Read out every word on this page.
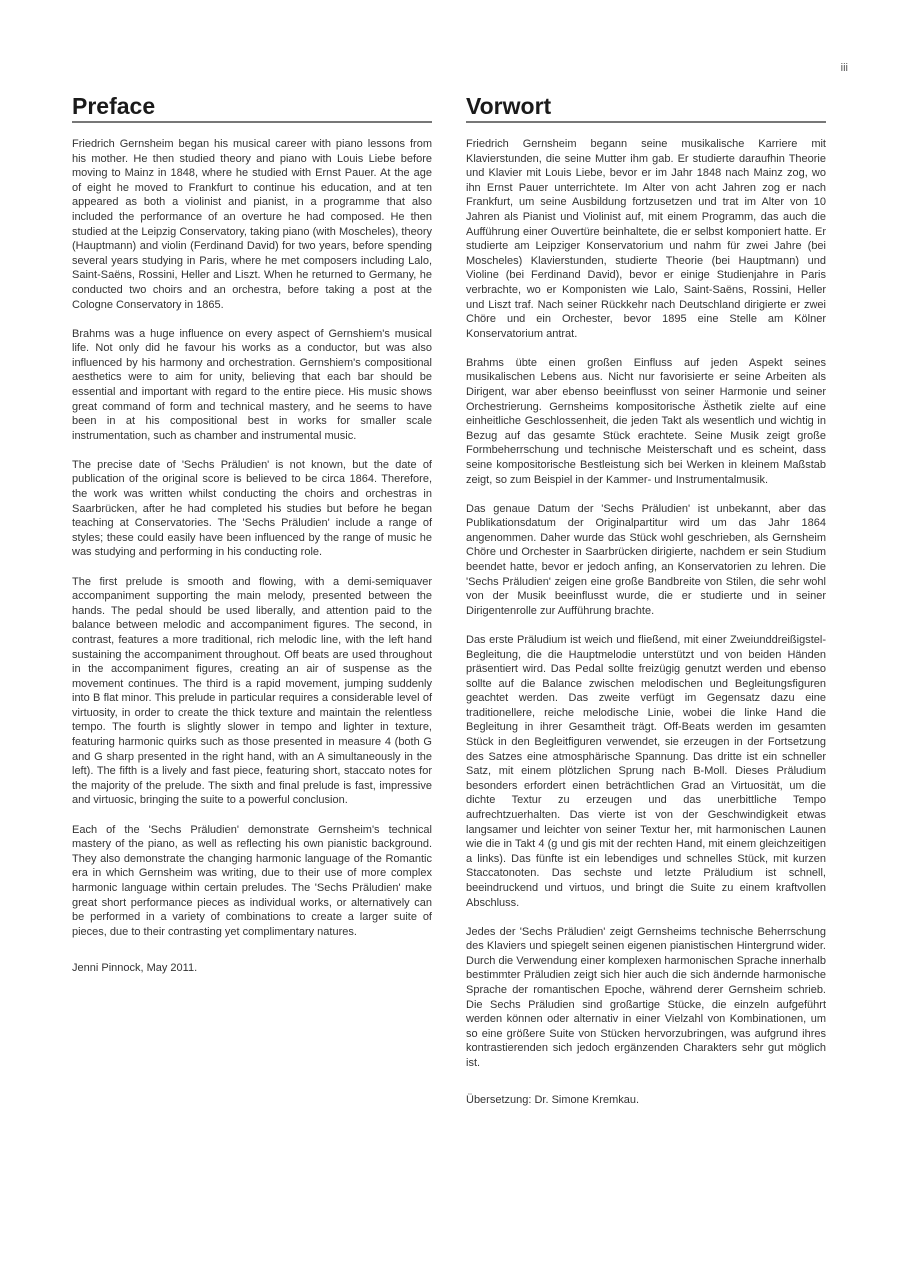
iii
Preface

Friedrich Gernsheim began his musical career with piano lessons from his mother. He then studied theory and piano with Louis Liebe before moving to Mainz in 1848, where he studied with Ernst Pauer. At the age of eight he moved to Frankfurt to continue his education, and at ten appeared as both a violinist and pianist, in a programme that also included the performance of an overture he had composed. He then studied at the Leipzig Conservatory, taking piano (with Moscheles), theory (Hauptmann) and violin (Ferdinand David) for two years, before spending several years studying in Paris, where he met composers including Lalo, Saint-Saëns, Rossini, Heller and Liszt. When he returned to Germany, he conducted two choirs and an orchestra, before taking a post at the Cologne Conservatory in 1865.

Brahms was a huge influence on every aspect of Gernshiem's musical life. Not only did he favour his works as a conductor, but was also influenced by his harmony and orchestration. Gernshiem's compositional aesthetics were to aim for unity, believing that each bar should be essential and important with regard to the entire piece. His music shows great command of form and technical mastery, and he seems to have been in at his compositional best in works for smaller scale instrumentation, such as chamber and instrumental music.

The precise date of 'Sechs Präludien' is not known, but the date of publication of the original score is believed to be circa 1864. Therefore, the work was written whilst conducting the choirs and orchestras in Saarbrücken, after he had completed his studies but before he began teaching at Conservatories. The 'Sechs Präludien' include a range of styles; these could easily have been influenced by the range of music he was studying and performing in his conducting role.

The first prelude is smooth and flowing, with a demi-semiquaver accompaniment supporting the main melody, presented between the hands. The pedal should be used liberally, and attention paid to the balance between melodic and accompaniment figures. The second, in contrast, features a more traditional, rich melodic line, with the left hand sustaining the accompaniment throughout. Off beats are used throughout in the accompaniment figures, creating an air of suspense as the movement continues. The third is a rapid movement, jumping suddenly into B flat minor. This prelude in particular requires a considerable level of virtuosity, in order to create the thick texture and maintain the relentless tempo. The fourth is slightly slower in tempo and lighter in texture, featuring harmonic quirks such as those presented in measure 4 (both G and G sharp presented in the right hand, with an A simultaneously in the left). The fifth is a lively and fast piece, featuring short, staccato notes for the majority of the prelude. The sixth and final prelude is fast, impressive and virtuosic, bringing the suite to a powerful conclusion.

Each of the 'Sechs Präludien' demonstrate Gernsheim's technical mastery of the piano, as well as reflecting his own pianistic background. They also demonstrate the changing harmonic language of the Romantic era in which Gernsheim was writing, due to their use of more complex harmonic language within certain preludes. The 'Sechs Präludien' make great short performance pieces as individual works, or alternatively can be performed in a variety of combinations to create a larger suite of pieces, due to their contrasting yet complimentary natures.

Jenni Pinnock, May 2011.

Vorwort

Friedrich Gernsheim begann seine musikalische Karriere mit Klavierstunden, die seine Mutter ihm gab. Er studierte daraufhin Theorie und Klavier mit Louis Liebe, bevor er im Jahr 1848 nach Mainz zog, wo ihn Ernst Pauer unterrichtete. Im Alter von acht Jahren zog er nach Frankfurt, um seine Ausbildung fortzusetzen und trat im Alter von 10 Jahren als Pianist und Violinist auf, mit einem Programm, das auch die Aufführung einer Ouvertüre beinhaltete, die er selbst komponiert hatte. Er studierte am Leipziger Konservatorium und nahm für zwei Jahre (bei Moscheles) Klavierstunden, studierte Theorie (bei Hauptmann) und Violine (bei Ferdinand David), bevor er einige Studienjahre in Paris verbrachte, wo er Komponisten wie Lalo, Saint-Saëns, Rossini, Heller und Liszt traf. Nach seiner Rückkehr nach Deutschland dirigierte er zwei Chöre und ein Orchester, bevor 1895 eine Stelle am Kölner Konservatorium antrat.

Brahms übte einen großen Einfluss auf jeden Aspekt seines musikalischen Lebens aus. Nicht nur favorisierte er seine Arbeiten als Dirigent, war aber ebenso beeinflusst von seiner Harmonie und seiner Orchestrierung. Gernsheims kompositorische Ästhetik zielte auf eine einheitliche Geschlossenheit, die jeden Takt als wesentlich und wichtig in Bezug auf das gesamte Stück erachtete. Seine Musik zeigt große Formbeherrschung und technische Meisterschaft und es scheint, dass seine kompositorische Bestleistung sich bei Werken in kleinem Maßstab zeigt, so zum Beispiel in der Kammer- und Instrumentalmusik.

Das genaue Datum der 'Sechs Präludien' ist unbekannt, aber das Publikationsdatum der Originalpartitur wird um das Jahr 1864 angenommen. Daher wurde das Stück wohl geschrieben, als Gernsheim Chöre und Orchester in Saarbrücken dirigierte, nachdem er sein Studium beendet hatte, bevor er jedoch anfing, an Konservatorien zu lehren. Die 'Sechs Präludien' zeigen eine große Bandbreite von Stilen, die sehr wohl von der Musik beeinflusst wurde, die er studierte und in seiner Dirigentenrolle zur Aufführung brachte.

Das erste Präludium ist weich und fließend, mit einer Zweiunddreißigstel-Begleitung, die die Hauptmelodie unterstützt und von beiden Händen präsentiert wird. Das Pedal sollte freizügig genutzt werden und ebenso sollte auf die Balance zwischen melodischen und Begleitungsfiguren geachtet werden. Das zweite verfügt im Gegensatz dazu eine traditionellere, reiche melodische Linie, wobei die linke Hand die Begleitung in ihrer Gesamtheit trägt. Off-Beats werden im gesamten Stück in den Begleitfiguren verwendet, sie erzeugen in der Fortsetzung des Satzes eine atmosphärische Spannung. Das dritte ist ein schneller Satz, mit einem plötzlichen Sprung nach B-Moll. Dieses Präludium besonders erfordert einen beträchtlichen Grad an Virtuosität, um die dichte Textur zu erzeugen und das unerbittliche Tempo aufrechtzuerhalten. Das vierte ist von der Geschwindigkeit etwas langsamer und leichter von seiner Textur her, mit harmonischen Launen wie die in Takt 4 (g und gis mit der rechten Hand, mit einem gleichzeitigen a links). Das fünfte ist ein lebendiges und schnelles Stück, mit kurzen Staccatonoten. Das sechste und letzte Präludium ist schnell, beeindruckend und virtuos, und bringt die Suite zu einem kraftvollen Abschluss.

Jedes der 'Sechs Präludien' zeigt Gernsheims technische Beherrschung des Klaviers und spiegelt seinen eigenen pianistischen Hintergrund wider. Durch die Verwendung einer komplexen harmonischen Sprache innerhalb bestimmter Präludien zeigt sich hier auch die sich ändernde harmonische Sprache der romantischen Epoche, während derer Gernsheim schrieb. Die Sechs Präludien sind großartige Stücke, die einzeln aufgeführt werden können oder alternativ in einer Vielzahl von Kombinationen, um so eine größere Suite von Stücken hervorzubringen, was aufgrund ihres kontrastierenden sich jedoch ergänzenden Charakters sehr gut möglich ist.

Übersetzung: Dr. Simone Kremkau.
